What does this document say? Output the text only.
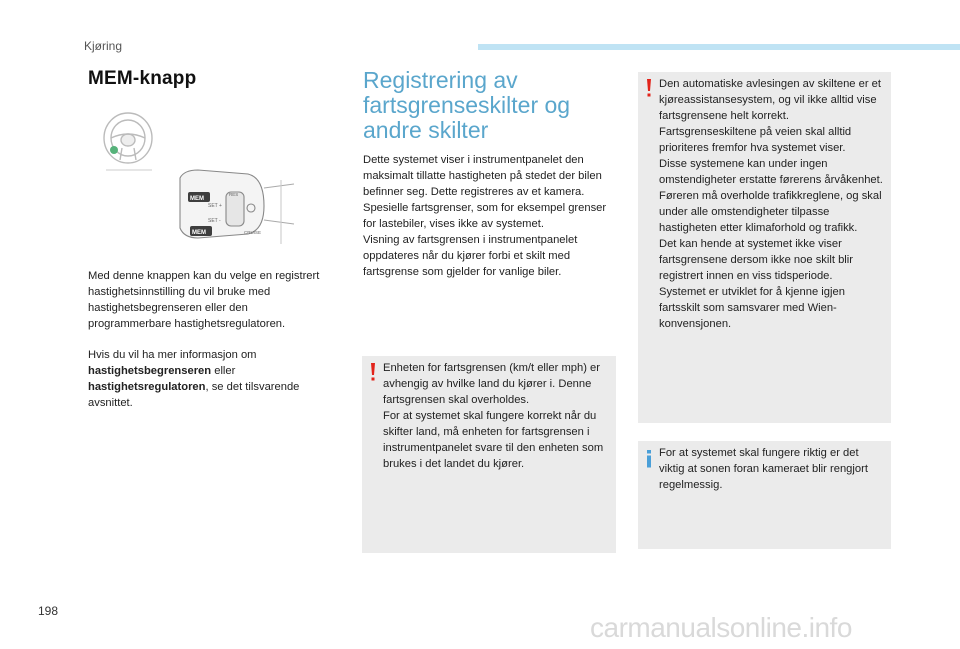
Kjøring
MEM-knapp
MEM
MEM
SET +
SET -
RES
CRUISE

Med denne knappen kan du velge en registrert hastighetsinnstilling du vil bruke med hastighetsbegrenseren eller den programmerbare hastighetsregulatoren.

Hvis du vil ha mer informasjon om hastighetsbegrenseren eller hastighetsregulatoren, se det tilsvarende avsnittet.

Registrering av
fartsgrenseskilter og
andre skilter

Dette systemet viser i instrumentpanelet den maksimalt tillatte hastigheten på stedet der bilen befinner seg. Dette registreres av et kamera.
Spesielle fartsgrenser, som for eksempel grenser for lastebiler, vises ikke av systemet.
Visning av fartsgrensen i instrumentpanelet oppdateres når du kjører forbi et skilt med fartsgrense som gjelder for vanlige biler.

Enheten for fartsgrensen (km/t eller mph) er avhengig av hvilke land du kjører i. Denne fartsgrensen skal overholdes.
For at systemet skal fungere korrekt når du skifter land, må enheten for fartsgrensen i instrumentpanelet svare til den enheten som brukes i det landet du kjører.
Den automatiske avlesingen av skiltene er et kjøreassistansesystem, og vil ikke alltid vise fartsgrensene helt korrekt.
Fartsgrenseskiltene på veien skal alltid prioriteres fremfor hva systemet viser.
Disse systemene kan under ingen omstendigheter erstatte førerens årvåkenhet.
Føreren må overholde trafikkreglene, og skal under alle omstendigheter tilpasse hastigheten etter klimaforhold og trafikk.
Det kan hende at systemet ikke viser fartsgrensene dersom ikke noe skilt blir registrert innen en viss tidsperiode.
Systemet er utviklet for å kjenne igjen fartsskilt som samsvarer med Wien-konvensjonen.
For at systemet skal fungere riktig er det viktig at sonen foran kameraet blir rengjort regelmessig.
198
carmanualsonline.info
